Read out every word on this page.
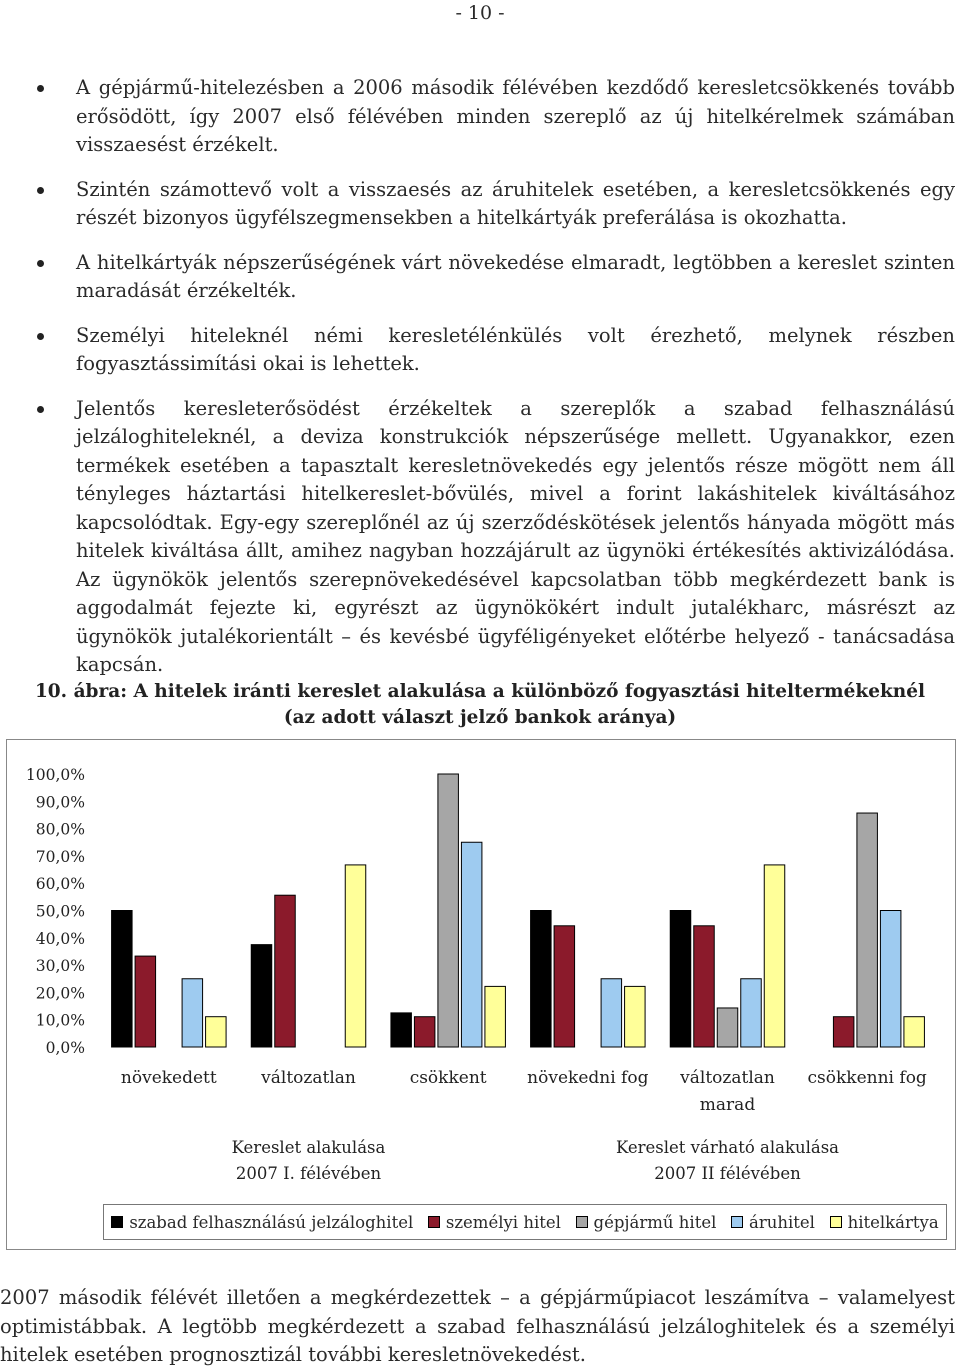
- 10 -
A gépjármű-hitelezésben a 2006 második félévében kezdődő keresletcsökkenés tovább erősödött, így 2007 első félévében minden szereplő az új hitelkérelmek számában visszaesést érzékelt.
Szintén számottevő volt a visszaesés az áruhitelek esetében, a keresletcsökkenés egy részét bizonyos ügyfélszegmensekben a hitelkártyák preferálása is okozhatta.
A hitelkártyák népszerűségének várt növekedése elmaradt, legtöbben a kereslet szinten maradását érzékelték.
Személyi hiteleknél némi keresletélénkülés volt érezhető, melynek részben fogyasztássimítási okai is lehettek.
Jelentős keresleterősödést érzékeltek a szereplők a szabad felhasználású jelzáloghiteleknél, a deviza konstrukciók népszerűsége mellett. Ugyanakkor, ezen termékek esetében a tapasztalt keresletnövekedés egy jelentős része mögött nem áll tényleges háztartási hitelkereslet-bővülés, mivel a forint lakáshitelek kiváltásához kapcsolódtak. Egy-egy szereplőnél az új szerződéskötések jelentős hányada mögött más hitelek kiváltása állt, amihez nagyban hozzájárult az ügynöki értékesítés aktivizálódása. Az ügynökök jelentős szerepnövekedésével kapcsolatban több megkérdezett bank is aggodalmát fejezte ki, egyrészt az ügynökökért indult jutalékharc, másrészt az ügynökök jutalékorientált – és kevésbé ügyféligényeket előtérbe helyező - tanácsadása kapcsán.
10. ábra: A hitelek iránti kereslet alakulása a különböző fogyasztási hiteltermékeknél
(az adott választ jelző bankok aránya)
100,0%
90,0%
80,0%
70,0%
60,0%
50,0%
40,0%
30,0%
20,0%
10,0%
0,0%
növekedett	változatlan	csökkent növekedni fog változatlan
marad
csökkenni fog
Kereslet alakulása
2007 I. félévében
Kereslet várható alakulása
2007 II félévében
szabad felhasználású jelzáloghitel személyi hitel gépjármű hitel áruhitel hitelkártya

2007 második félévét illetően a megkérdezettek – a gépjárműpiacot leszámítva – valamelyest optimistábbak. A legtöbb megkérdezett a szabad felhasználású jelzáloghitelek és a személyi hitelek esetében prognosztizál további keresletnövekedést.
